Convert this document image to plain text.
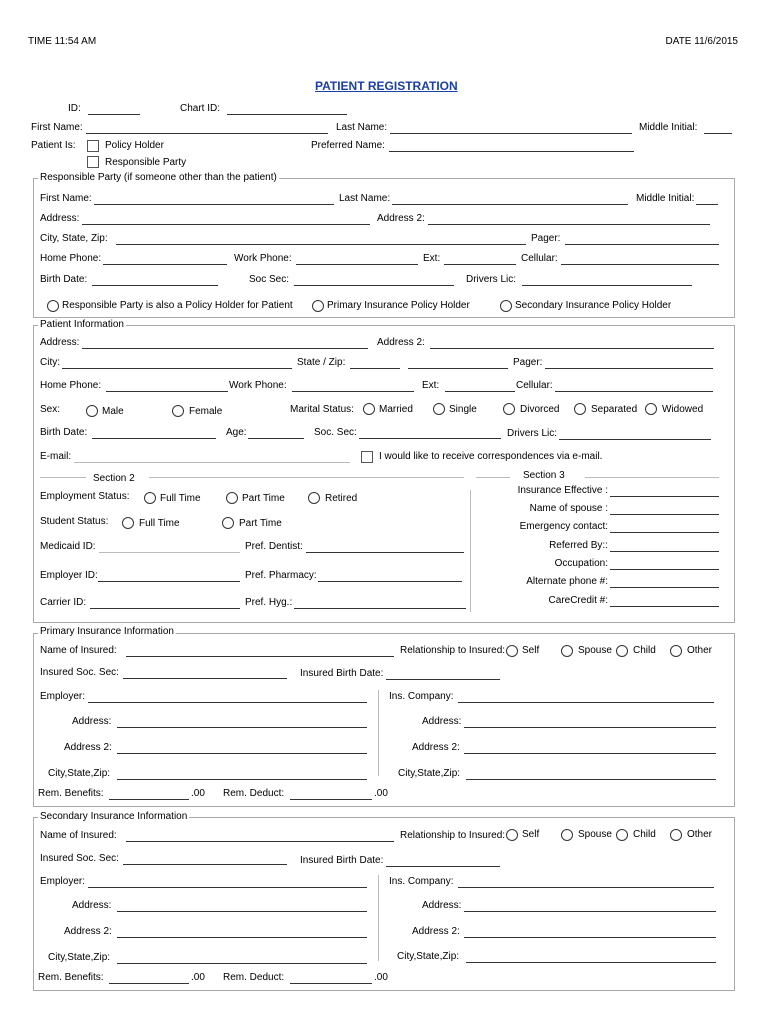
TIME 11:54 AM	DATE 11/6/2015
PATIENT REGISTRATION
ID:	Chart ID:
First Name:	Last Name:	Middle Initial:
Patient Is:	Policy Holder	Preferred Name:
Responsible Party
Responsible Party (if someone other than the patient)
First Name:	Last Name:	Middle Initial:
Address:	Address 2:
City, State, Zip:	Pager:
Home Phone:	Work Phone:	Ext:	Cellular:
Birth Date:	Soc Sec:	Drivers Lic:
Responsible Party is also a Policy Holder for Patient	Primary Insurance Policy Holder	Secondary Insurance Policy Holder
Patient Information
Address:	Address 2:
City:	State / Zip:	Pager:
Home Phone:	Work Phone:	Ext:	Cellular:
Sex:	Male	Female	Marital Status:	Married	Single	Divorced	Separated Widowed
Birth Date:	Age:	Soc. Sec:	Drivers Lic:
E-mail:	I would like to receive correspondences via e-mail.
Section 2	Section 3
Employment Status:	Full Time	Part Time	Retired
Student Status:	Full Time	Part Time
Medicaid ID:	Pref. Dentist:
Employer ID:	Pref. Pharmacy:
Carrier ID:	Pref. Hyg.:
Insurance Effective :
Name of spouse :
Emergency contact:
Referred By::
Occupation:
Alternate phone #:
CareCredit #:
Primary Insurance Information
Name of Insured:	Relationship to Insured: Self	Spouse Child	Other
Insured Soc. Sec:	Insured Birth Date:
Employer:	Ins. Company:
Address:	Address:
Address 2:	Address 2:
City,State,Zip:	City,State,Zip:
Rem. Benefits:	.00 Rem. Deduct:	.00
Secondary Insurance Information
Name of Insured:	Relationship to Insured: Self	Spouse Child	Other
Insured Soc. Sec:	Insured Birth Date:
Employer:	Ins. Company:
Address:	Address:
Address 2:	Address 2:
City,State,Zip:	City,State,Zip:
Rem. Benefits:	.00 Rem. Deduct:	.00
